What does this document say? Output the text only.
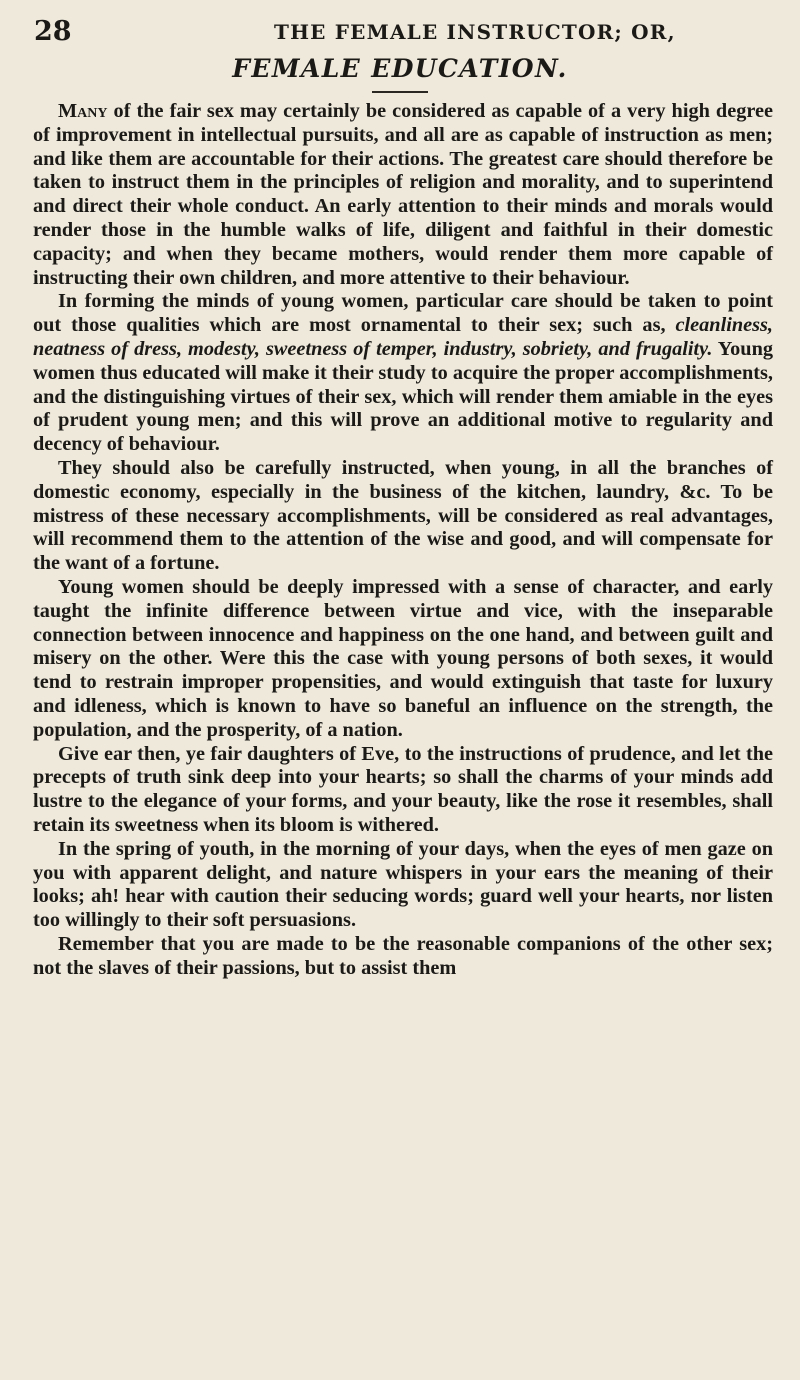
28	THE FEMALE INSTRUCTOR; OR,
FEMALE EDUCATION.

Many of the fair sex may certainly be considered as capable of a very high degree of improvement in intellectual pursuits, and all are as capable of instruction as men; and like them are accountable for their actions. The greatest care should therefore be taken to instruct them in the principles of religion and morality, and to superintend and direct their whole conduct. An early attention to their minds and morals would render those in the humble walks of life, diligent and faithful in their domestic capacity; and when they became mothers, would render them more capable of instructing their own children, and more attentive to their behaviour.

In forming the minds of young women, particular care should be taken to point out those qualities which are most ornamental to their sex; such as, cleanliness, neatness of dress, modesty, sweetness of temper, industry, sobriety, and frugality. Young women thus educated will make it their study to acquire the proper accomplishments, and the distinguishing virtues of their sex, which will render them amiable in the eyes of prudent young men; and this will prove an additional motive to regularity and decency of behaviour.

They should also be carefully instructed, when young, in all the branches of domestic economy, especially in the business of the kitchen, laundry, &c. To be mistress of these necessary accomplishments, will be considered as real advantages, will recommend them to the attention of the wise and good, and will compensate for the want of a fortune.

Young women should be deeply impressed with a sense of character, and early taught the infinite difference between virtue and vice, with the inseparable connection between innocence and happiness on the one hand, and between guilt and misery on the other. Were this the case with young persons of both sexes, it would tend to restrain improper propensities, and would extinguish that taste for luxury and idleness, which is known to have so baneful an influence on the strength, the population, and the prosperity, of a nation.

Give ear then, ye fair daughters of Eve, to the instructions of prudence, and let the precepts of truth sink deep into your hearts; so shall the charms of your minds add lustre to the elegance of your forms, and your beauty, like the rose it resembles, shall retain its sweetness when its bloom is withered.

In the spring of youth, in the morning of your days, when the eyes of men gaze on you with apparent delight, and nature whispers in your ears the meaning of their looks; ah! hear with caution their seducing words; guard well your hearts, nor listen too willingly to their soft persuasions.

Remember that you are made to be the reasonable companions of the other sex; not the slaves of their passions, but to assist them
